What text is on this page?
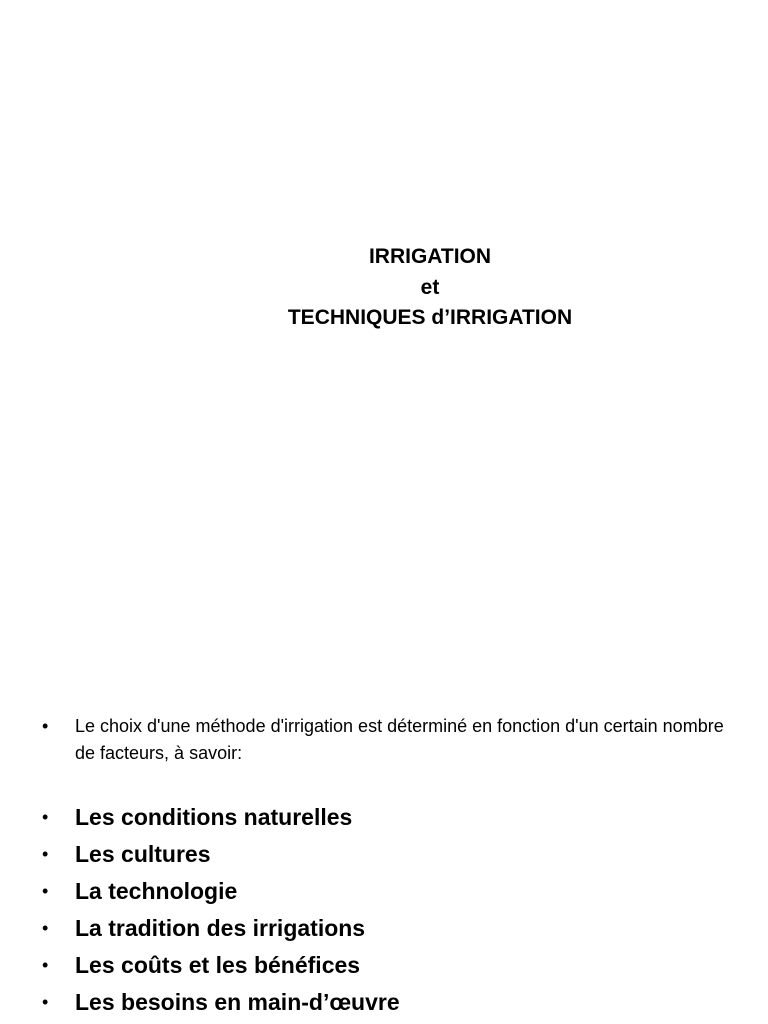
IRRIGATION
et
TECHNIQUES d’IRRIGATION
•	Le choix d'une méthode d'irrigation est déterminé en fonction d'un certain nombre de facteurs, à savoir:
•	Les conditions naturelles
•	Les cultures
•	La technologie
•	La tradition des irrigations
•	Les coûts et les bénéfices
•	Les besoins en main-d’œuvre
